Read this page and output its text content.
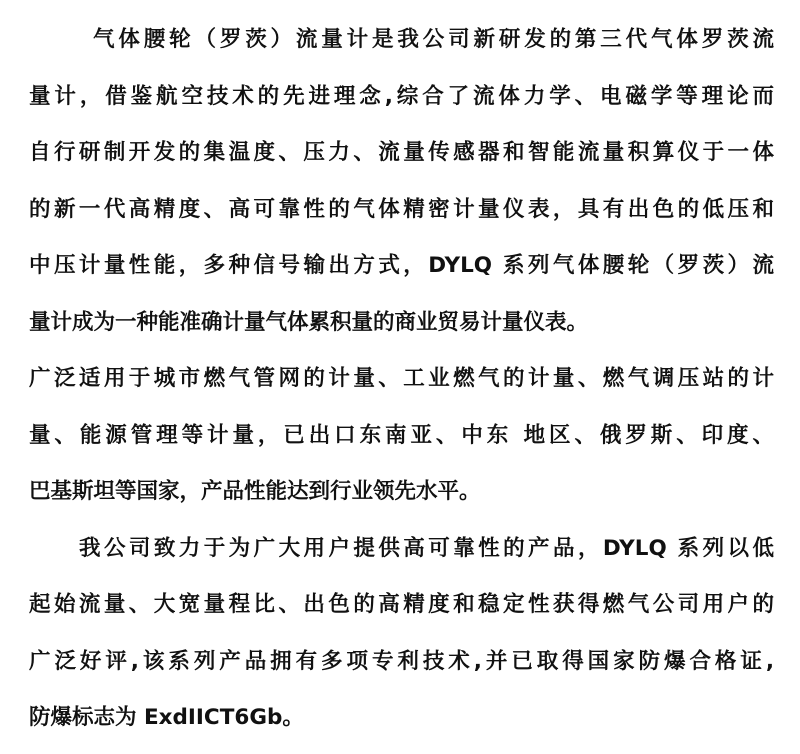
气体腰轮（罗茨）流量计是我公司新研发的第三代气体罗茨流
量计，借鉴航空技术的先进理念,综合了流体力学、电磁学等理论而
自行研制开发的集温度、压力、流量传感器和智能流量积算仪于一体
的新一代高精度、高可靠性的气体精密计量仪表，具有出色的低压和
中压计量性能，多种信号输出方式，DYLQ 系列气体腰轮（罗茨）流
量计成为一种能准确计量气体累积量的商业贸易计量仪表。
广泛适用于城市燃气管网的计量、工业燃气的计量、燃气调压站的计
量、能源管理等计量，已出口东南亚、中东 地区、俄罗斯、印度、
巴基斯坦等国家，产品性能达到行业领先水平。
我公司致力于为广大用户提供高可靠性的产品，DYLQ 系列以低
起始流量、大宽量程比、出色的高精度和稳定性获得燃气公司用户的
广泛好评,该系列产品拥有多项专利技术,并已取得国家防爆合格证,
防爆标志为 ExdIICT6Gb。
